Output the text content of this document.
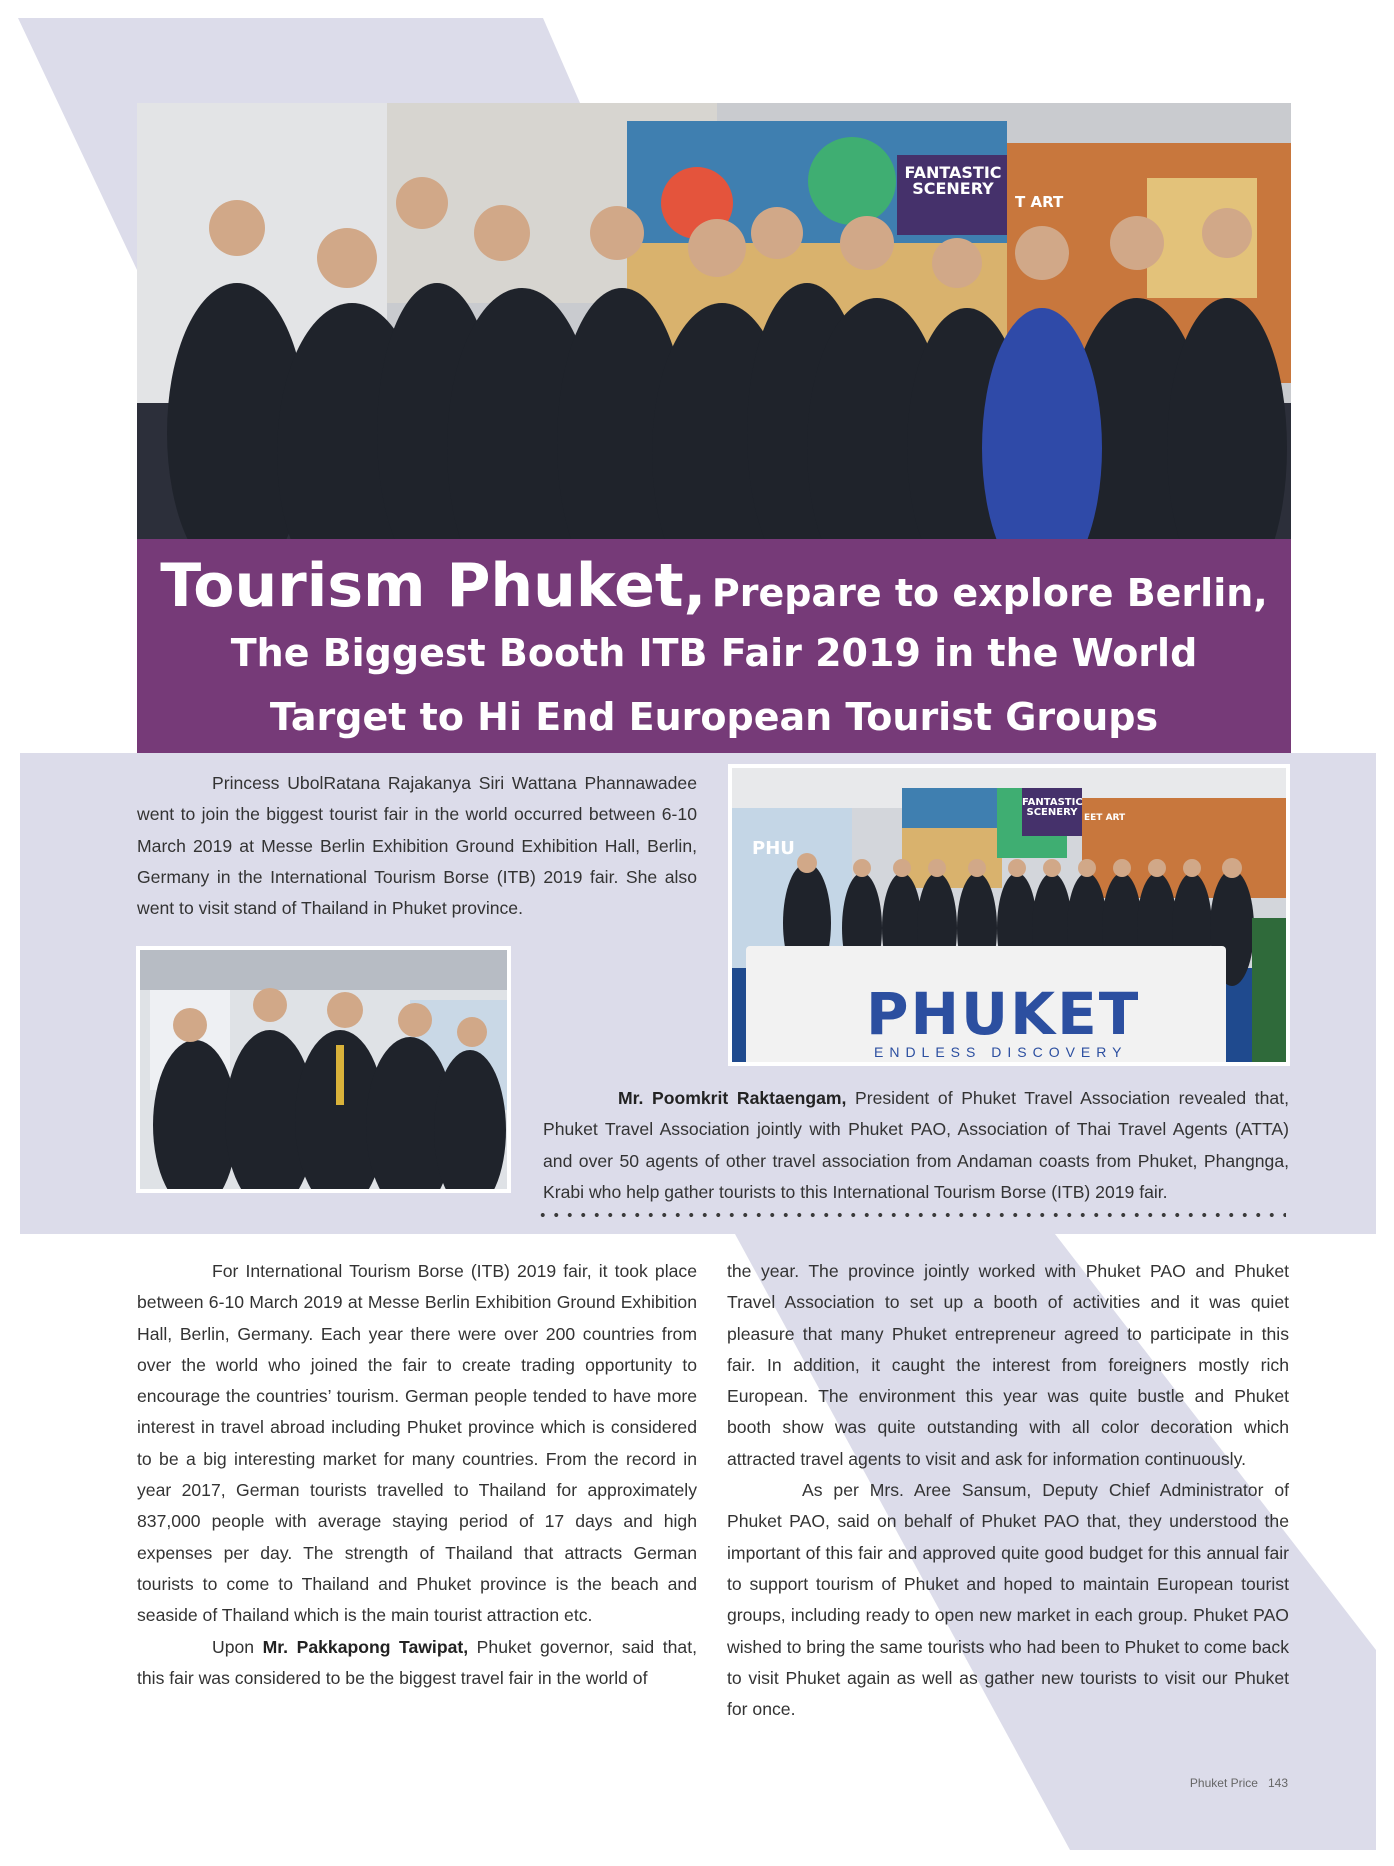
FANTASTIC SCENERY
T ART
Tourism Phuket, Prepare to explore Berlin,
The Biggest Booth ITB Fair 2019 in the World
Target to Hi End European Tourist Groups

Princess UbolRatana Rajakanya Siri Wattana Phannawadee went to join the biggest tourist fair in the world occurred between 6-10 March 2019 at Messe Berlin Exhibition Ground Exhibition Hall, Berlin, Germany in the International Tourism Borse (ITB) 2019 fair. She also went to visit stand of Thailand in Phuket province.

FANTASTIC SCENERY EET ART
PHU
PHUKET
ENDLESS DISCOVERY

Mr. Poomkrit Raktaengam, President of Phuket Travel Association revealed that, Phuket Travel Association jointly with Phuket PAO, Association of Thai Travel Agents (ATTA) and over 50 agents of other travel association from Andaman coasts from Phuket, Phangnga, Krabi who help gather tourists to this International Tourism Borse (ITB) 2019 fair.

For International Tourism Borse (ITB) 2019 fair, it took place between 6-10 March 2019 at Messe Berlin Exhibition Ground Exhibition Hall, Berlin, Germany. Each year there were over 200 countries from over the world who joined the fair to create trading opportunity to encourage the countries’ tourism. German people tended to have more interest in travel abroad including Phuket province which is considered to be a big interesting market for many countries. From the record in year 2017, German tourists travelled to Thailand for approximately 837,000 people with average staying period of 17 days and high expenses per day. The strength of Thailand that attracts German tourists to come to Thailand and Phuket province is the beach and seaside of Thailand which is the main tourist attraction etc.

Upon Mr. Pakkapong Tawipat, Phuket governor, said that, this fair was considered to be the biggest travel fair in the world of

the year. The province jointly worked with Phuket PAO and Phuket Travel Association to set up a booth of activities and it was quiet pleasure that many Phuket entrepreneur agreed to participate in this fair. In addition, it caught the interest from foreigners mostly rich European. The environment this year was quite bustle and Phuket booth show was quite outstanding with all color decoration which attracted travel agents to visit and ask for information continuously.

As per Mrs. Aree Sansum, Deputy Chief Administrator of Phuket PAO, said on behalf of Phuket PAO that, they understood the important of this fair and approved quite good budget for this annual fair to support tourism of Phuket and hoped to maintain European tourist groups, including ready to open new market in each group. Phuket PAO wished to bring the same tourists who had been to Phuket to come back to visit Phuket again as well as gather new tourists to visit our Phuket for once.

Phuket Price 143
